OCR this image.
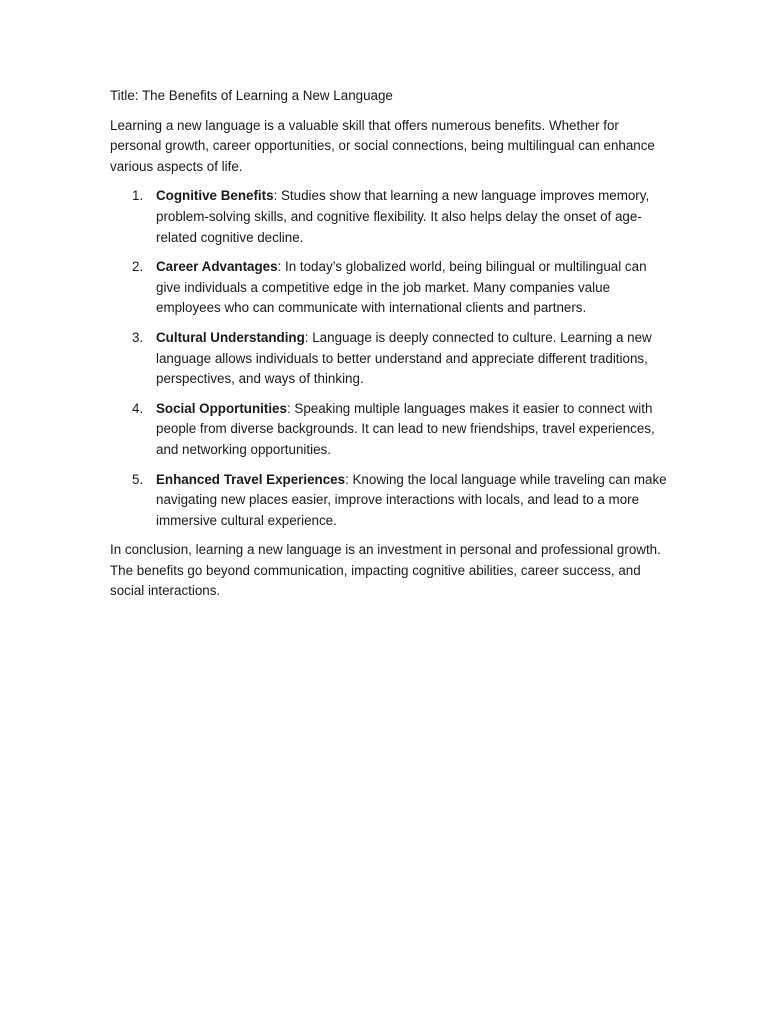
Title: The Benefits of Learning a New Language

Learning a new language is a valuable skill that offers numerous benefits. Whether for personal growth, career opportunities, or social connections, being multilingual can enhance various aspects of life.

1. Cognitive Benefits: Studies show that learning a new language improves memory, problem-solving skills, and cognitive flexibility. It also helps delay the onset of age-related cognitive decline.
2. Career Advantages: In today’s globalized world, being bilingual or multilingual can give individuals a competitive edge in the job market. Many companies value employees who can communicate with international clients and partners.
3. Cultural Understanding: Language is deeply connected to culture. Learning a new language allows individuals to better understand and appreciate different traditions, perspectives, and ways of thinking.
4. Social Opportunities: Speaking multiple languages makes it easier to connect with people from diverse backgrounds. It can lead to new friendships, travel experiences, and networking opportunities.
5. Enhanced Travel Experiences: Knowing the local language while traveling can make navigating new places easier, improve interactions with locals, and lead to a more immersive cultural experience.

In conclusion, learning a new language is an investment in personal and professional growth. The benefits go beyond communication, impacting cognitive abilities, career success, and social interactions.
